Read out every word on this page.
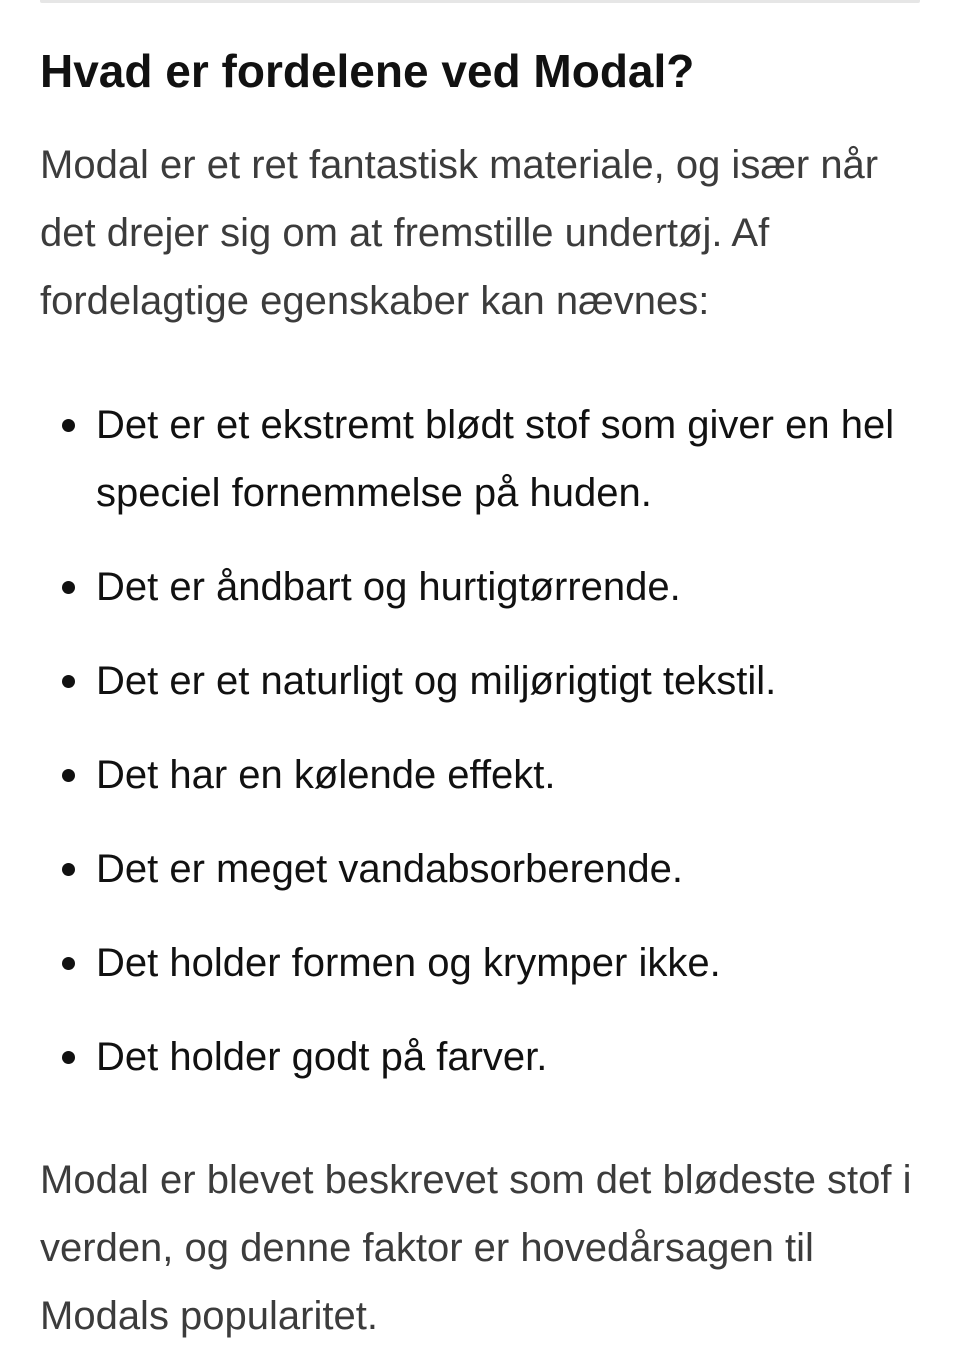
Hvad er fordelene ved Modal?

Modal er et ret fantastisk materiale, og især når det drejer sig om at fremstille undertøj. Af fordelagtige egenskaber kan nævnes:

Det er et ekstremt blødt stof som giver en hel speciel fornemmelse på huden.
Det er åndbart og hurtigtørrende.
Det er et naturligt og miljørigtigt tekstil.
Det har en kølende effekt.
Det er meget vandabsorberende.
Det holder formen og krymper ikke.
Det holder godt på farver.

Modal er blevet beskrevet som det blødeste stof i verden, og denne faktor er hovedårsagen til Modals popularitet.
